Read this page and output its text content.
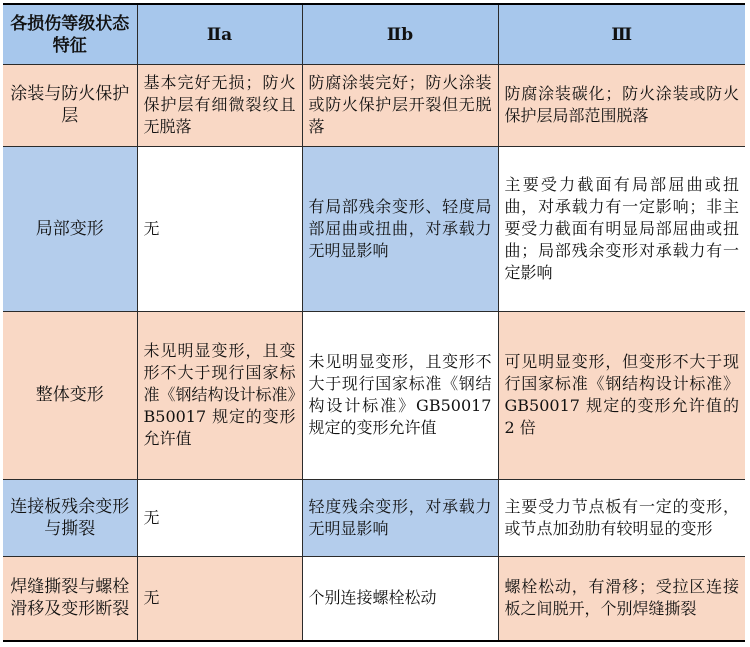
各损伤等级状态特征	Ⅱa	Ⅱb	Ⅲ
涂装与防火保护层	基本完好无损；防火保护层有细微裂纹且无脱落	防腐涂装完好；防火涂装或防火保护层开裂但无脱落	防腐涂装碳化；防火涂装或防火保护层局部范围脱落
局部变形	无	有局部残余变形、轻度局部屈曲或扭曲，对承载力无明显影响	主要受力截面有局部屈曲或扭曲，对承载力有一定影响；非主要受力截面有明显局部屈曲或扭曲；局部残余变形对承载力有一定影响
整体变形	未见明显变形，且变形不大于现行国家标准《钢结构设计标准》B50017 规定的变形允许值	未见明显变形，且变形不大于现行国家标准《钢结构设计标准》GB50017 规定的变形允许值	可见明显变形，但变形不大于现行国家标准《钢结构设计标准》GB50017 规定的变形允许值的 2 倍
连接板残余变形与撕裂	无	轻度残余变形，对承载力无明显影响	主要受力节点板有一定的变形，或节点加劲肋有较明显的变形
焊缝撕裂与螺栓滑移及变形断裂	无	个别连接螺栓松动	螺栓松动，有滑移；受拉区连接板之间脱开，个别焊缝撕裂
